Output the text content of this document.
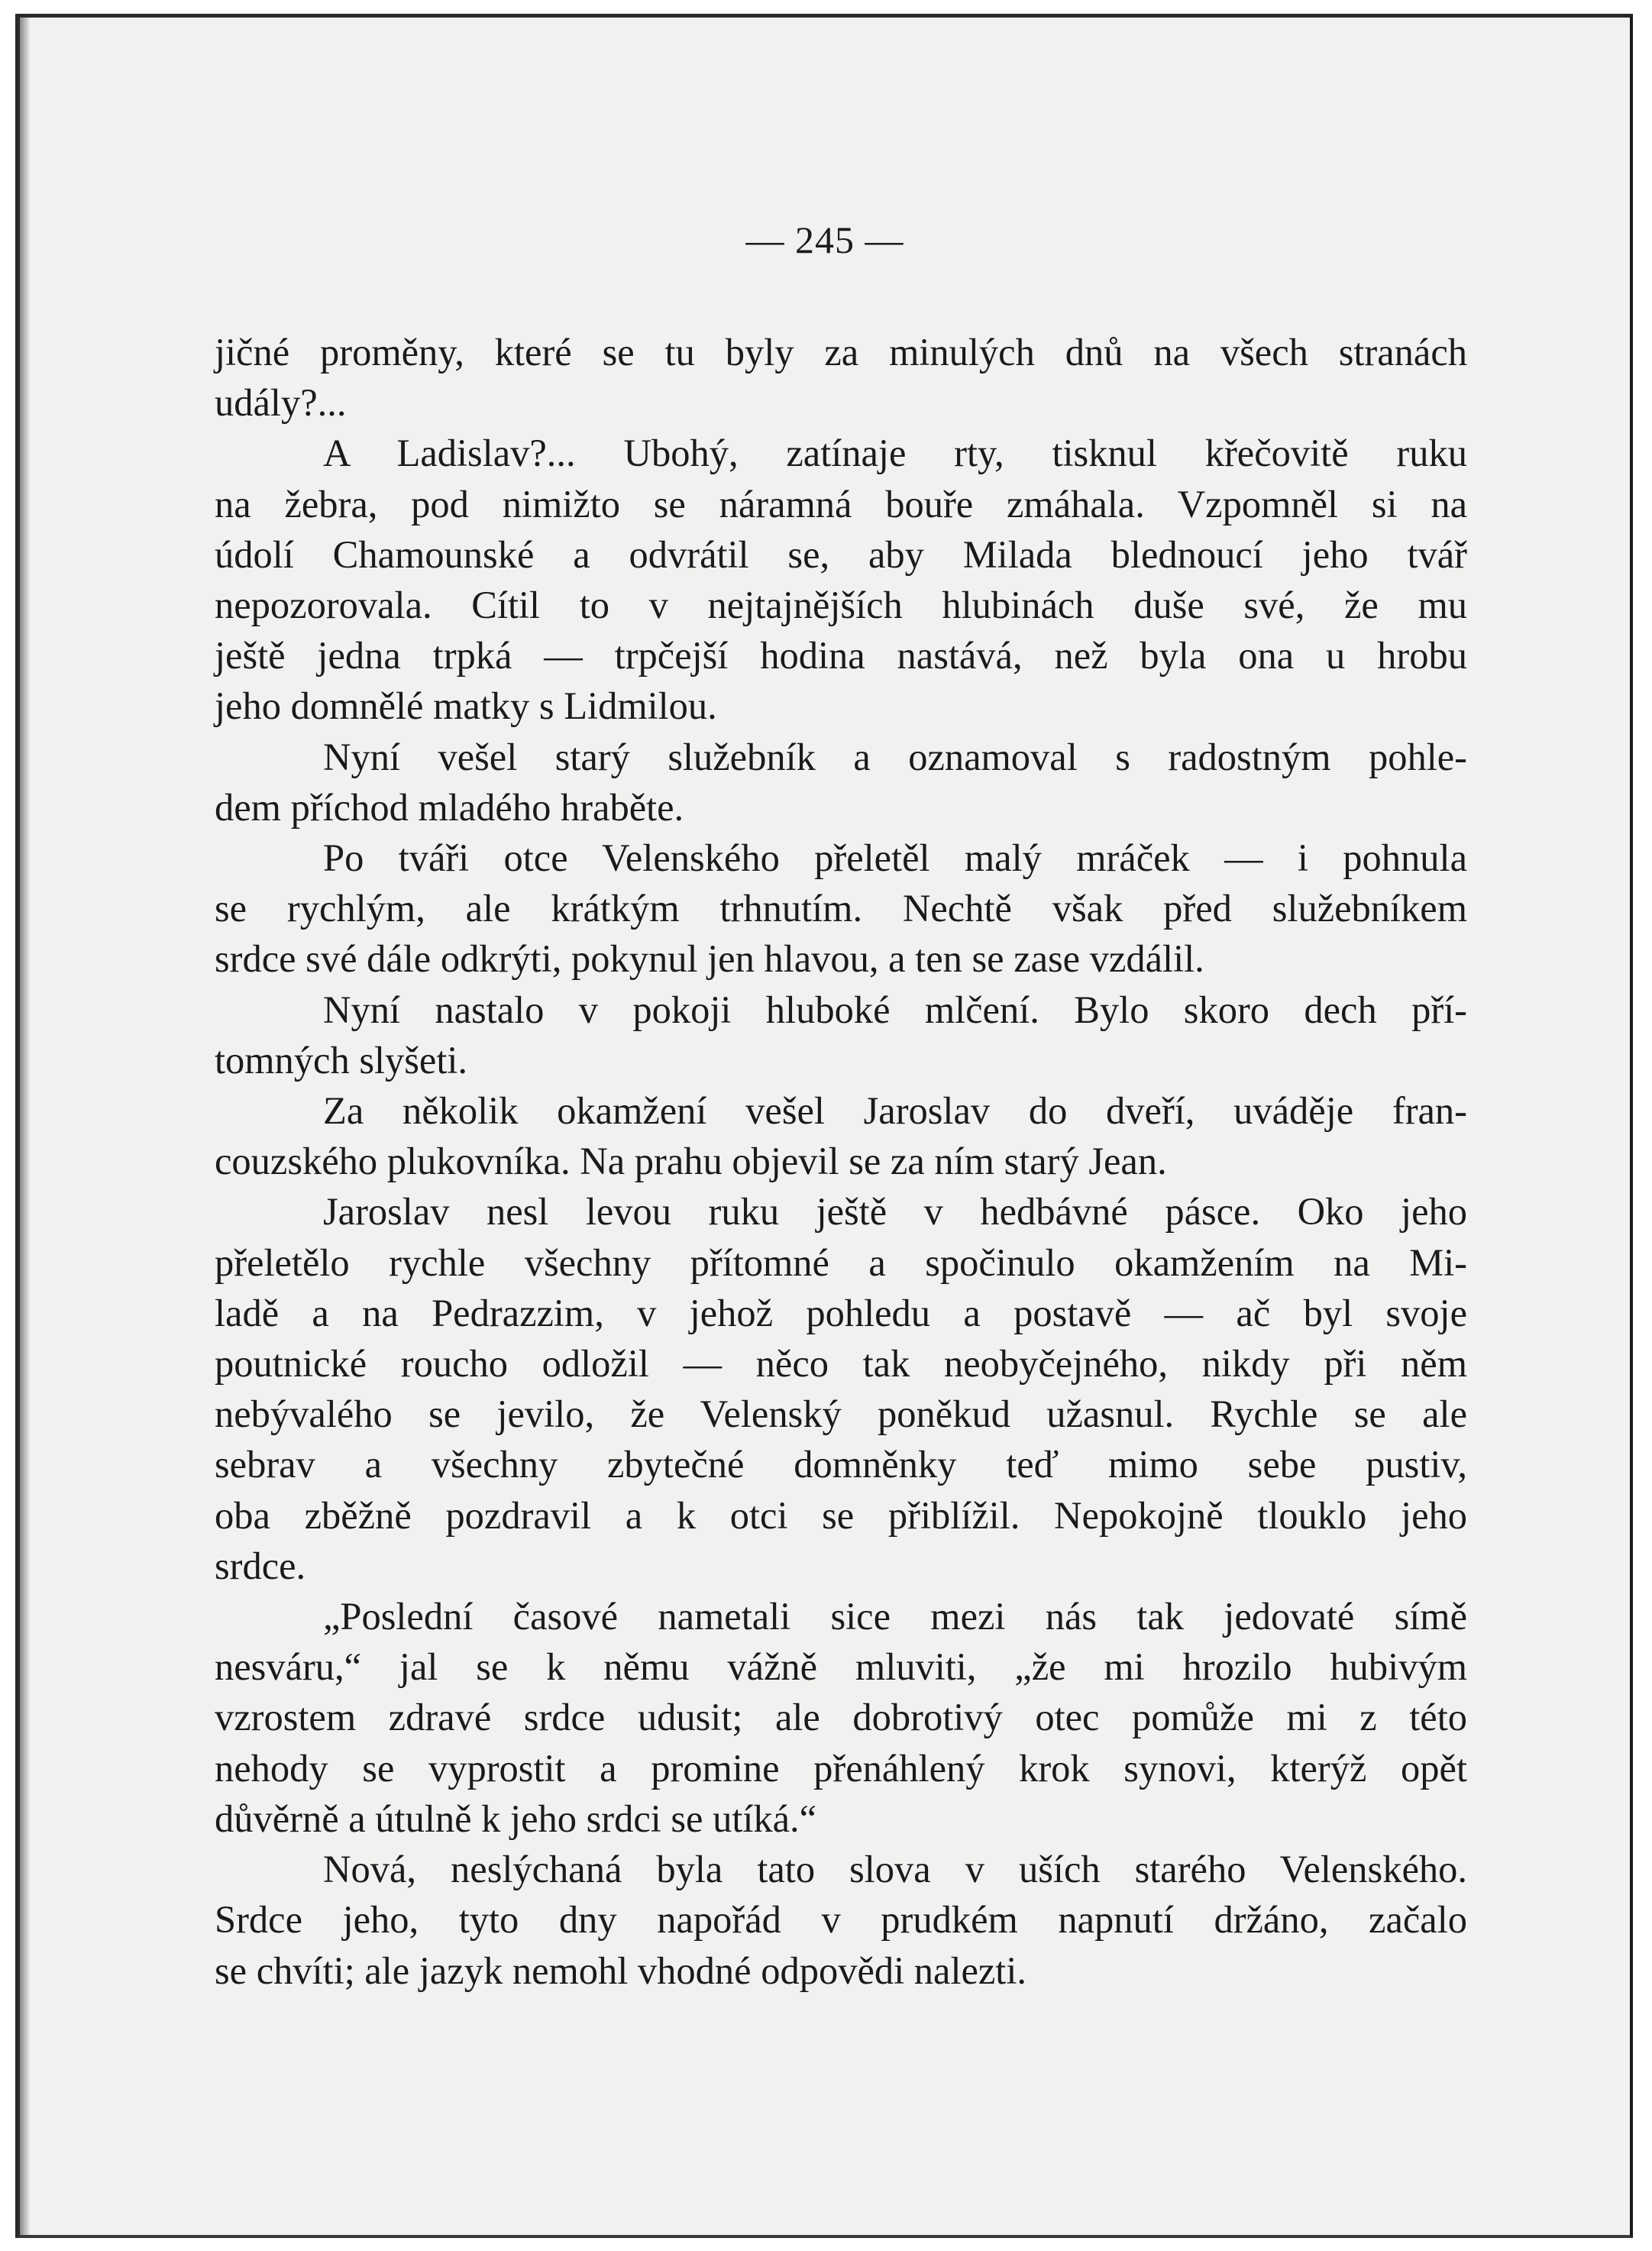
— 245 —
jičné proměny, které se tu byly za minulých dnů na všech stranách
udály?...
A Ladislav?... Ubohý, zatínaje rty, tisknul křečovitě ruku
na žebra, pod nimižto se náramná bouře zmáhala. Vzpomněl si na
údolí Chamounské a odvrátil se, aby Milada blednoucí jeho tvář
nepozorovala. Cítil to v nejtajnějších hlubinách duše své, že mu
ještě jedna trpká — trpčejší hodina nastává, než byla ona u hrobu
jeho domnělé matky s Lidmilou.
Nyní vešel starý služebník a oznamoval s radostným pohle-
dem příchod mladého hraběte.
Po tváři otce Velenského přeletěl malý mráček — i pohnula
se rychlým, ale krátkým trhnutím. Nechtě však před služebníkem
srdce své dále odkrýti, pokynul jen hlavou, a ten se zase vzdálil.
Nyní nastalo v pokoji hluboké mlčení. Bylo skoro dech pří-
tomných slyšeti.
Za několik okamžení vešel Jaroslav do dveří, uváděje fran-
couzského plukovníka. Na prahu objevil se za ním starý Jean.
Jaroslav nesl levou ruku ještě v hedbávné pásce. Oko jeho
přeletělo rychle všechny přítomné a spočinulo okamžením na Mi-
ladě a na Pedrazzim, v jehož pohledu a postavě — ač byl svoje
poutnické roucho odložil — něco tak neobyčejného, nikdy při něm
nebývalého se jevilo, že Velenský poněkud užasnul. Rychle se ale
sebrav a všechny zbytečné domněnky teď mimo sebe pustiv,
oba zběžně pozdravil a k otci se přiblížil. Nepokojně tlouklo jeho
srdce.
„Poslední časové nametali sice mezi nás tak jedovaté símě
nesváru,“ jal se k němu vážně mluviti, „že mi hrozilo hubivým
vzrostem zdravé srdce udusit; ale dobrotivý otec pomůže mi z této
nehody se vyprostit a promine přenáhlený krok synovi, kterýž opět
důvěrně a útulně k jeho srdci se utíká.“
Nová, neslýchaná byla tato slova v uších starého Velenského.
Srdce jeho, tyto dny napořád v prudkém napnutí držáno, začalo
se chvíti; ale jazyk nemohl vhodné odpovědi nalezti.
